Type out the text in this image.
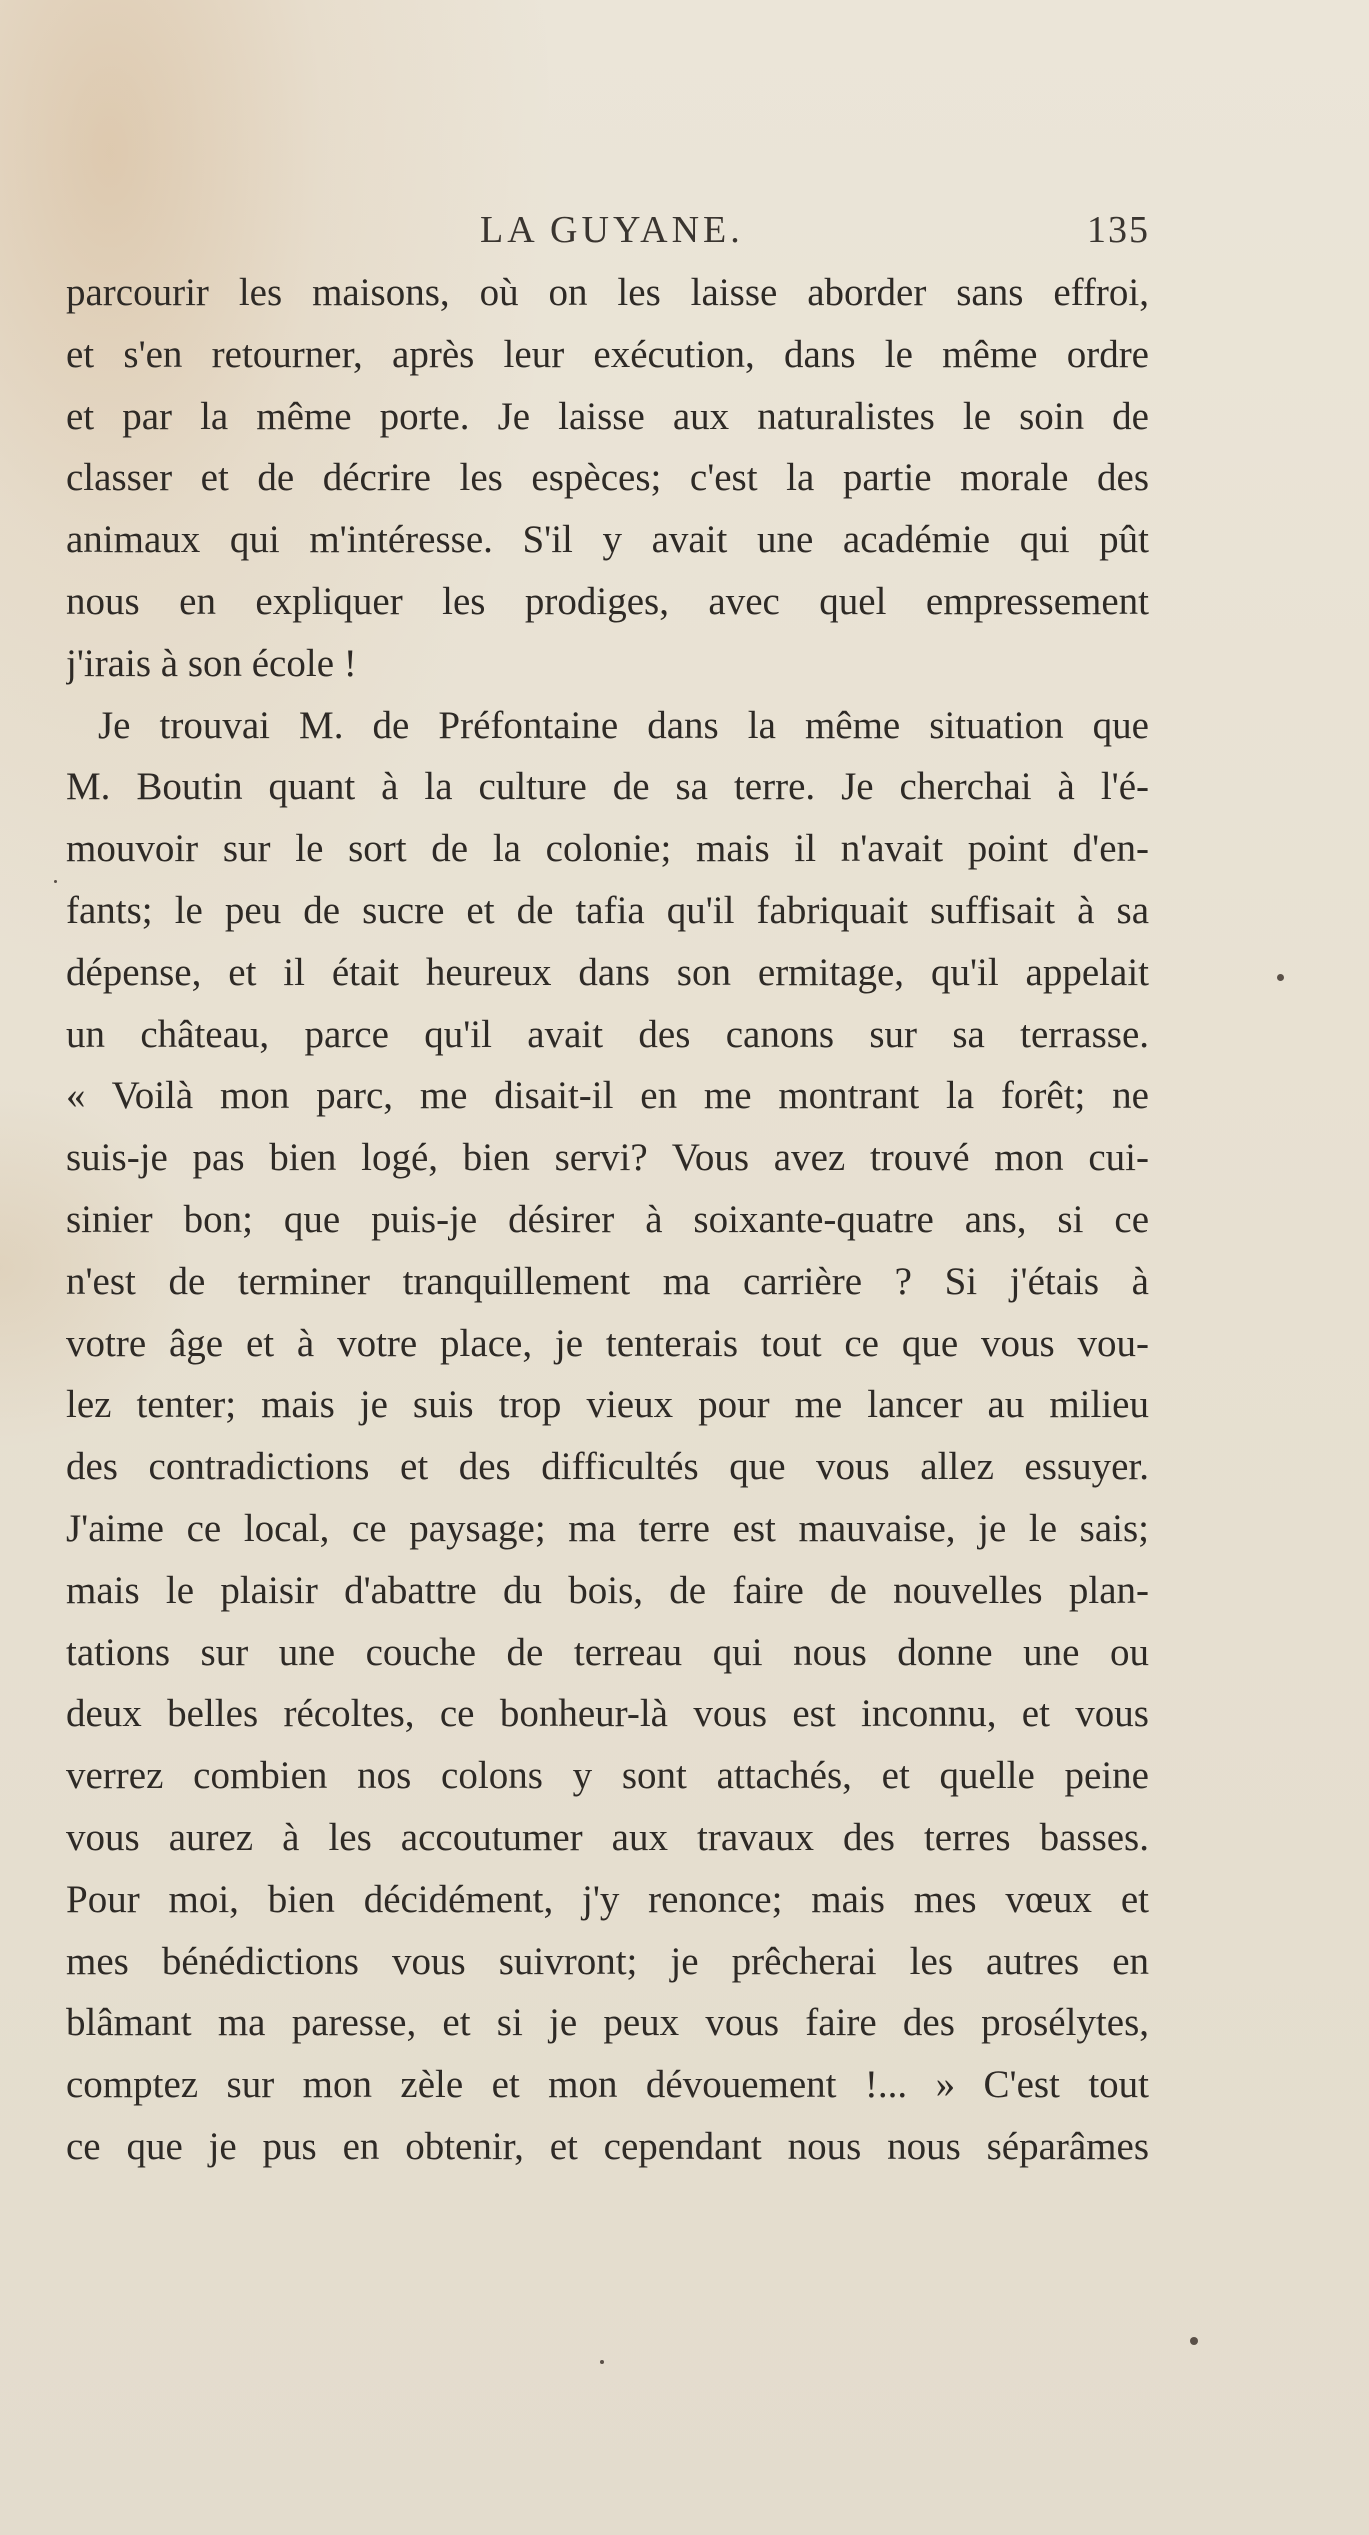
LA GUYANE.	135
parcourir les maisons, où on les laisse aborder sans effroi,
et s'en retourner, après leur exécution, dans le même ordre
et par la même porte. Je laisse aux naturalistes le soin de
classer et de décrire les espèces; c'est la partie morale des
animaux qui m'intéresse. S'il y avait une académie qui pût
nous en expliquer les prodiges, avec quel empressement
j'irais à son école !
Je trouvai M. de Préfontaine dans la même situation que
M. Boutin quant à la culture de sa terre. Je cherchai à l'é-
mouvoir sur le sort de la colonie; mais il n'avait point d'en-
fants; le peu de sucre et de tafia qu'il fabriquait suffisait à sa
dépense, et il était heureux dans son ermitage, qu'il appelait
un château, parce qu'il avait des canons sur sa terrasse.
« Voilà mon parc, me disait-il en me montrant la forêt; ne
suis-je pas bien logé, bien servi? Vous avez trouvé mon cui-
sinier bon; que puis-je désirer à soixante-quatre ans, si ce
n'est de terminer tranquillement ma carrière ? Si j'étais à
votre âge et à votre place, je tenterais tout ce que vous vou-
lez tenter; mais je suis trop vieux pour me lancer au milieu
des contradictions et des difficultés que vous allez essuyer.
J'aime ce local, ce paysage; ma terre est mauvaise, je le sais;
mais le plaisir d'abattre du bois, de faire de nouvelles plan-
tations sur une couche de terreau qui nous donne une ou
deux belles récoltes, ce bonheur-là vous est inconnu, et vous
verrez combien nos colons y sont attachés, et quelle peine
vous aurez à les accoutumer aux travaux des terres basses.
Pour moi, bien décidément, j'y renonce; mais mes vœux et
mes bénédictions vous suivront; je prêcherai les autres en
blâmant ma paresse, et si je peux vous faire des prosélytes,
comptez sur mon zèle et mon dévouement !... » C'est tout
ce que je pus en obtenir, et cependant nous nous séparâmes
